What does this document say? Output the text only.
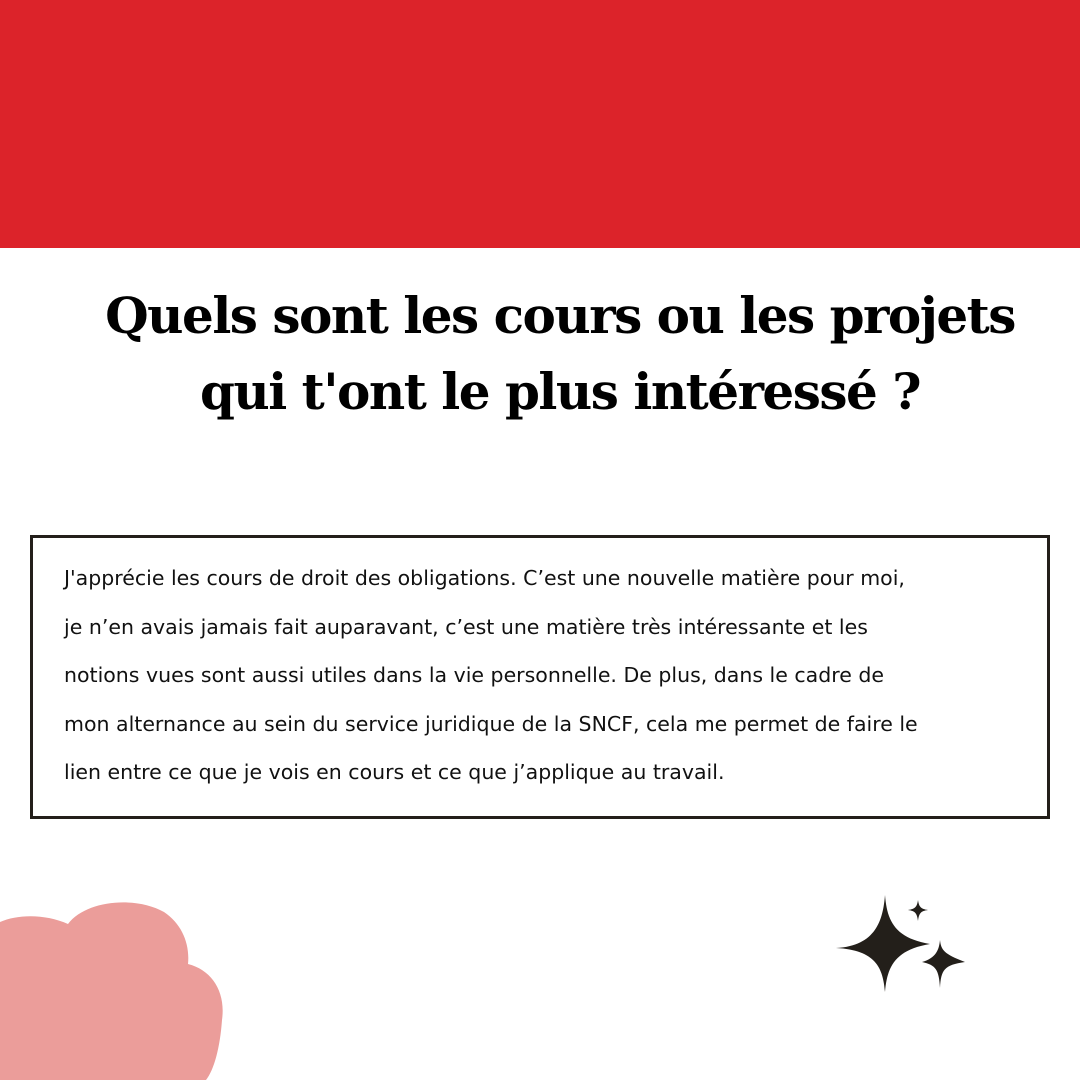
Quels sont les cours ou les projets
qui t'ont le plus intéressé ?

J'apprécie les cours de droit des obligations. C’est une nouvelle matière pour moi,
je n’en avais jamais fait auparavant, c’est une matière très intéressante et les
notions vues sont aussi utiles dans la vie personnelle. De plus, dans le cadre de
mon alternance au sein du service juridique de la SNCF, cela me permet de faire le
lien entre ce que je vois en cours et ce que j’applique au travail.
